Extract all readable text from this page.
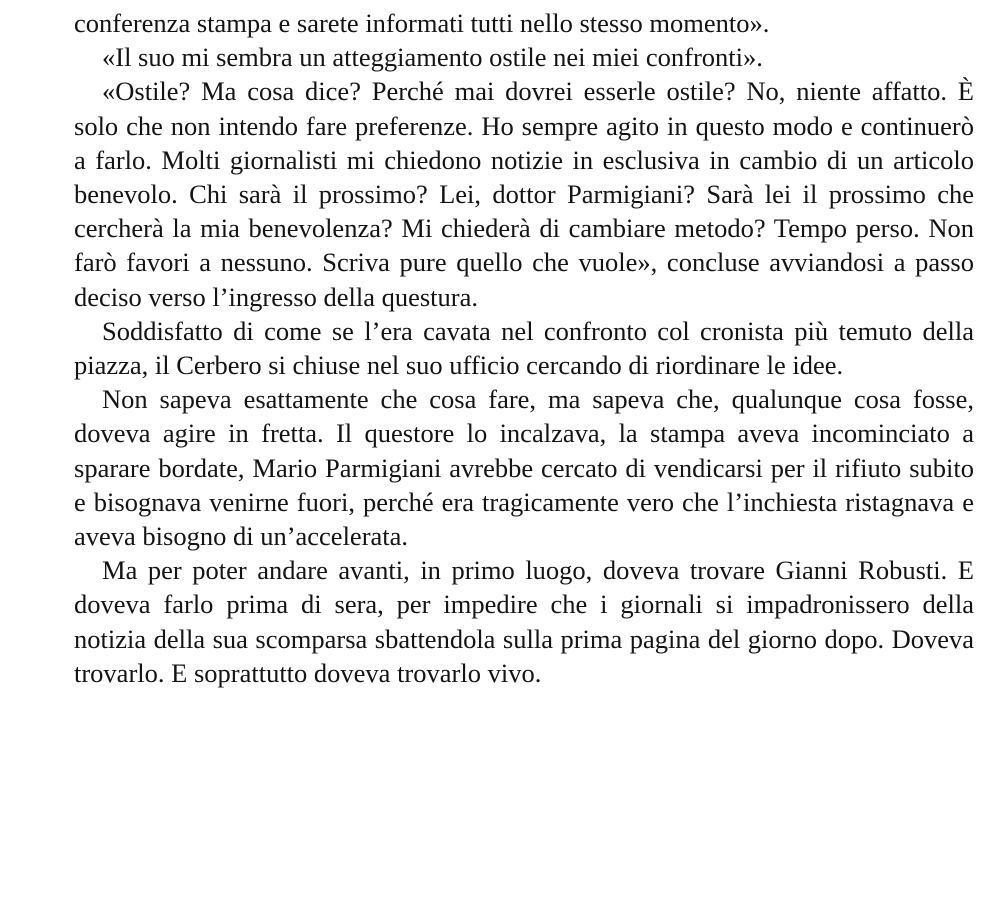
conferenza stampa e sarete informati tutti nello stesso momento».

«Il suo mi sembra un atteggiamento ostile nei miei confronti».

«Ostile? Ma cosa dice? Perché mai dovrei esserle ostile? No, niente affatto. È solo che non intendo fare preferenze. Ho sempre agito in questo modo e continuerò a farlo. Molti giornalisti mi chiedono notizie in esclusiva in cambio di un articolo benevolo. Chi sarà il prossimo? Lei, dottor Parmigiani? Sarà lei il prossimo che cercherà la mia benevolenza? Mi chiederà di cambiare metodo? Tempo perso. Non farò favori a nessuno. Scriva pure quello che vuole», concluse avviandosi a passo deciso verso l’ingresso della questura.

Soddisfatto di come se l’era cavata nel confronto col cronista più temuto della piazza, il Cerbero si chiuse nel suo ufficio cercando di riordinare le idee.

Non sapeva esattamente che cosa fare, ma sapeva che, qualunque cosa fosse, doveva agire in fretta. Il questore lo incalzava, la stampa aveva incominciato a sparare bordate, Mario Parmigiani avrebbe cercato di vendicarsi per il rifiuto subito e bisognava venirne fuori, perché era tragicamente vero che l’inchiesta ristagnava e aveva bisogno di un’accelerata.

Ma per poter andare avanti, in primo luogo, doveva trovare Gianni Robusti. E doveva farlo prima di sera, per impedire che i giornali si impadronissero della notizia della sua scomparsa sbattendola sulla prima pagina del giorno dopo. Doveva trovarlo. E soprattutto doveva trovarlo vivo.
